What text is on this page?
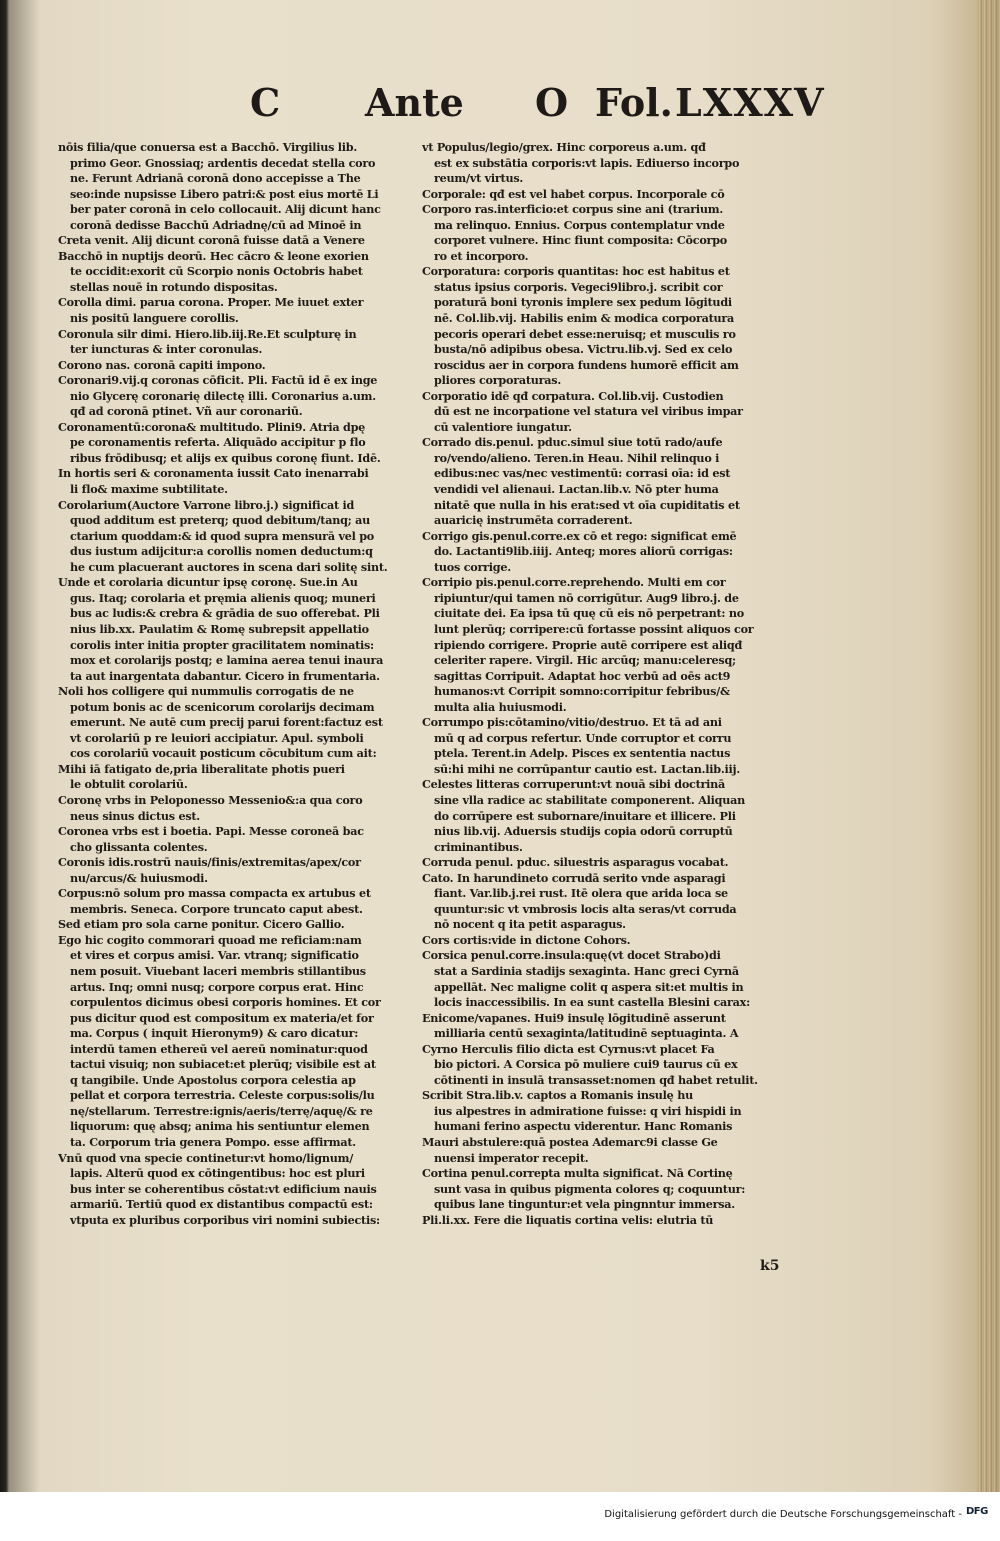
C Ante O Fol. LXXXV

nōis filia/que conuersa est a Bacchō. Virgilius lib.

primo Geor. Gnossiaq; ardentis decedat stella coro

ne. Ferunt Adrianā coronā dono accepisse a The

seo:inde nupsisse Libero patri:& post eius mortē Li

ber pater coronā in celo collocauit. Alij dicunt hanc

coronā dedisse Bacchū Adriadnę/cū ad Minoē in

Creta venit. Alij dicunt coronā fuisse datā a Venere

Bacchō in nuptijs deorū. Hec cācro & leone exorien

te occidit:exorit cū Scorpio nonis Octobris habet

stellas nouē in rotundo dispositas.

Corolla dimi. parua corona. Proper. Me iuuet exter

nis positū languere corollis.

Coronula silr dimi. Hiero.lib.iij.Re.Et sculpturę in

ter iuncturas & inter coronulas.

Corono nas. coronā capiti impono.

Coronari9.vij.q coronas cōficit. Pli. Factū id ē ex inge

nio Glycerę coronarię dilectę illi. Coronarius a.um.

qđ ad coronā ptinet. Vñ aur coronariū.

Coronamentū:corona& multitudo. Plini9. Atria dpę

pe coronamentis referta. Aliquādo accipitur p flo

ribus frōdibusq; et alijs ex quibus coronę fiunt. Idē.

In hortis seri & coronamenta iussit Cato inenarrabi

li flo& maxime subtilitate.

Corolarium(Auctore Varrone libro.j.) significat id

quod additum est preterq; quod debitum/tanq; au

ctarium quoddam:& id quod supra mensurā vel po

dus iustum adijcitur:a corollis nomen deductum:q

he cum placuerant auctores in scena dari solitę sint.

Unde et corolaria dicuntur ipsę coronę. Sue.in Au

gus. Itaq; corolaria et pręmia alienis quoq; muneri

bus ac ludis:& crebra & grādia de suo offerebat. Pli

nius lib.xx. Paulatim & Romę subrepsit appellatio

corolis inter initia propter gracilitatem nominatis:

mox et corolarijs postq; e lamina aerea tenui inaura

ta aut inargentata dabantur. Cicero in frumentaria.

Noli hos colligere qui nummulis corrogatis de ne

potum bonis ac de scenicorum corolarijs decimam

emerunt. Ne autē cum precij parui forent:factuz est

vt corolariū p re leuiori accipiatur. Apul. symboli

cos corolariū vocauit posticum cōcubitum cum ait:

Mihi iā fatigato de,pria liberalitate photis pueri

le obtulit corolariū.

Coronę vrbs in Peloponesso Messenio&:a qua coro

neus sinus dictus est.

Coronea vrbs est i boetia. Papi. Messe coroneā bac

cho glissanta colentes.

Coronis idis.rostrū nauis/finis/extremitas/apex/cor

nu/arcus/& huiusmodi.

Corpus:nō solum pro massa compacta ex artubus et

membris. Seneca. Corpore truncato caput abest.

Sed etiam pro sola carne ponitur. Cicero Gallio.

Ego hic cogito commorari quoad me reficiam:nam

et vires et corpus amisi. Var. vtranq; significatio

nem posuit. Viuebant laceri membris stillantibus

artus. Inq; omni nusq; corpore corpus erat. Hinc

corpulentos dicimus obesi corporis homines. Et cor

pus dicitur quod est compositum ex materia/et for

ma. Corpus ( inquit Hieronym9) & caro dicatur:

interdū tamen ethereū vel aereū nominatur:quod

tactui visuiq; non subiacet:et plerūq; visibile est at

q tangibile. Unde Apostolus corpora celestia ap

pellat et corpora terrestria. Celeste corpus:solis/lu

nę/stellarum. Terrestre:ignis/aeris/terrę/aquę/& re

liquorum: quę absq; anima his sentiuntur elemen

ta. Corporum tria genera Pompo. esse affirmat.

Vnū quod vna specie continetur:vt homo/lignum/

lapis. Alterū quod ex cōtingentibus: hoc est pluri

bus inter se coherentibus cōstat:vt edificium nauis

armariū. Tertiū quod ex distantibus compactū est:

vtputa ex pluribus corporibus viri nomini subiectis:

vt Populus/legio/grex. Hinc corporeus a.um. qđ

est ex substātia corporis:vt lapis. Ediuerso incorpo

reum/vt virtus.

Corporale: qđ est vel habet corpus. Incorporale cō

Corporo ras.interficio:et corpus sine ani (trarium.

ma relinquo. Ennius. Corpus contemplatur vnde

corporet vulnere. Hinc fiunt composita: Cōcorpo

ro et incorporo.

Corporatura: corporis quantitas: hoc est habitus et

status ipsius corporis. Vegeci9libro.j. scribit cor

poraturā boni tyronis implere sex pedum lōgitudi

nē. Col.lib.vij. Habilis enim & modica corporatura

pecoris operari debet esse:neruisq; et musculis ro

busta/nō adipibus obesa. Victru.lib.vj. Sed ex celo

roscidus aer in corpora fundens humorē efficit am

pliores corporaturas.

Corporatio idē qđ corpatura. Col.lib.vij. Custodien

dū est ne incorpatione vel statura vel viribus impar

cū valentiore iungatur.

Corrado dis.penul. pduc.simul siue totū rado/aufe

ro/vendo/alieno. Teren.in Heau. Nihil relinquo i

edibus:nec vas/nec vestimentū: corrasi oīa: id est

vendidi vel alienaui. Lactan.lib.v. Nō pter huma

nitatē que nulla in his erat:sed vt oīa cupiditatis et

auaricię instrumēta corraderent.

Corrigo gis.penul.corre.ex cō et rego: significat emē

do. Lactanti9lib.iiij. Anteq; mores aliorū corrigas:

tuos corrige.

Corripio pis.penul.corre.reprehendo. Multi em cor

ripiuntur/qui tamen nō corrigūtur. Aug9 libro.j. de

ciuitate dei. Ea ipsa tū quę cū eis nō perpetrant: no

lunt plerūq; corripere:cū fortasse possint aliquos cor

ripiendo corrigere. Proprie autē corripere est aliqđ

celeriter rapere. Virgil. Hic arcūq; manu:celeresq;

sagittas Corripuit. Adaptat hoc verbū ad oēs act9

humanos:vt Corripit somno:corripitur febribus/&

multa alia huiusmodi.

Corrumpo pis:cōtamino/vitio/destruo. Et tā ad ani

mū q ad corpus refertur. Unde corruptor et corru

ptela. Terent.in Adelp. Pisces ex sententia nactus

sū:hi mihi ne corrūpantur cautio est. Lactan.lib.iij.

Celestes litteras corruperunt:vt nouā sibi doctrinā

sine vlla radice ac stabilitate componerent. Aliquan

do corrūpere est subornare/inuitare et illicere. Pli

nius lib.vij. Aduersis studijs copia odorū corruptū

criminantibus.

Corruda penul. pduc. siluestris asparagus vocabat.

Cato. In harundineto corrudā serito vnde asparagi

fiant. Var.lib.j.rei rust. Itē olera que arida loca se

quuntur:sic vt vmbrosis locis alta seras/vt corruda

nō nocent q ita petit asparagus.

Cors cortis:vide in dictone Cohors.

Corsica penul.corre.insula:quę(vt docet Strabo)di

stat a Sardinia stadijs sexaginta. Hanc greci Cyrnā

appellāt. Nec maligne colit q aspera sit:et multis in

locis inaccessibilis. In ea sunt castella Blesini carax:

Enicome/vapanes. Hui9 insulę lōgitudinē asserunt

milliaria centū sexaginta/latitudinē septuaginta. A

Cyrno Herculis filio dicta est Cyrnus:vt placet Fa

bio pictori. A Corsica pō muliere cui9 taurus cū ex

cōtinenti in insulā transasset:nomen qđ habet retulit.

Scribit Stra.lib.v. captos a Romanis insulę hu

ius alpestres in admiratione fuisse: q viri hispidi in

humani ferino aspectu viderentur. Hanc Romanis

Mauri abstulere:quā postea Ademarc9i classe Ge

nuensi imperator recepit.

Cortina penul.correpta multa significat. Nā Cortinę

sunt vasa in quibus pigmenta colores q; coquuntur:

quibus lane tinguntur:et vela pingnntur immersa.

Pli.li.xx. Fere die liquatis cortina velis: elutria tū

k5
Digitalisierung gefördert durch die Deutsche Forschungsgemeinschaft - DFG
